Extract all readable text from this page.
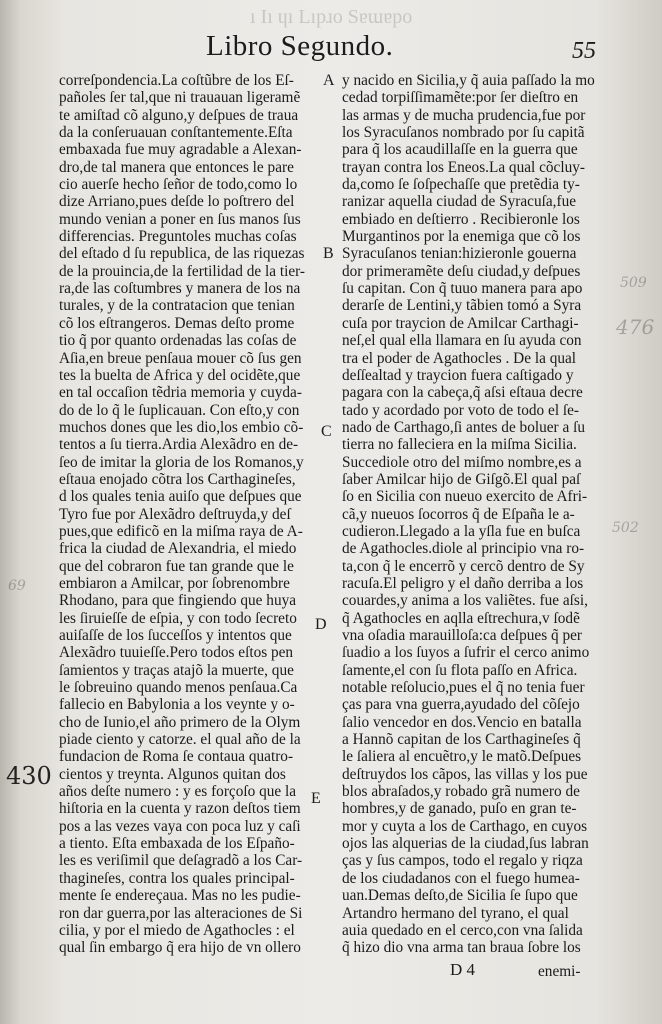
ı Iı ɥı Lıpɹo Sɐɯɐpo
Libro Segundo.	55
correſpondencia.La coſtũbre de los Eſ-
pañoles ſer tal,que ni trauauan ligeramẽ
te amiſtad cõ alguno,y deſpues de traua
da la conſeruauan conſtantemente.Eſta
embaxada fue muy agradable a Alexan-
dro,de tal manera que entonces le pare
cio auerſe hecho ſeñor de todo,como lo
dize Arriano,pues deſde lo poſtrero del
mundo venian a poner en ſus manos ſus
differencias. Preguntoles muchas coſas
del eſtado d ſu republica, de las riquezas
de la prouincia,de la fertilidad de la tier-
ra,de las coſtumbres y manera de los na
turales, y de la contratacion que tenian
cõ los eſtrangeros. Demas deſto prome
tio q̃ por quanto ordenadas las coſas de
Aſia,en breue penſaua mouer cõ ſus gen
tes la buelta de Africa y del ocidẽte,que
en tal occaſion tẽdria memoria y cuyda-
do de lo q̃ le ſuplicauan. Con eſto,y con
muchos dones que les dio,los embio cõ-
tentos a ſu tierra.Ardia Alexãdro en de-
ſeo de imitar la gloria de los Romanos,y
eſtaua enojado cõtra los Carthagineſes,
d los quales tenia auiſo que deſpues que
Tyro fue por Alexãdro deſtruyda,y deſ
pues,que edificõ en la miſma raya de A-
frica la ciudad de Alexandria, el miedo
que del cobraron fue tan grande que le
embiaron a Amilcar, por ſobrenombre
Rhodano, para que fingiendo que huya
les ſiruieſſe de eſpia, y con todo ſecreto
auiſaſſe de los ſucceſſos y intentos que
Alexãdro tuuieſſe.Pero todos eſtos pen
ſamientos y traças atajõ la muerte, que
le ſobreuino quando menos penſaua.Ca
fallecio en Babylonia a los veynte y o-
cho de Iunio,el año primero de la Olym
piade ciento y catorze. el qual año de la
fundacion de Roma ſe contaua quatro-
cientos y treynta. Algunos quitan dos
años deſte numero : y es forçoſo que la
hiſtoria en la cuenta y razon deſtos tiem
pos a las vezes vaya con poca luz y caſi
a tiento. Eſta embaxada de los Eſpaño-
les es veriſimil que deſagradõ a los Car-
thagineſes, contra los quales principal-
mente ſe endereçaua. Mas no les pudie-
ron dar guerra,por las alteraciones de Si
cilia, y por el miedo de Agathocles : el
qual ſin embargo q̃ era hijo de vn ollero
y nacido en Sicilia,y q̃ auia paſſado la mo
cedad torpiſſimamẽte:por ſer dieſtro en
las armas y de mucha prudencia,fue por
los Syracuſanos nombrado por ſu capitã
para q̃ los acaudillaſſe en la guerra que
trayan contra los Eneos.La qual cõcluy-
da,como ſe ſoſpechaſſe que pretẽdia ty-
ranizar aquella ciudad de Syracuſa,fue
embiado en deſtierro . Recibieronle los
Murgantinos por la enemiga que cõ los
Syracuſanos tenian:hizieronle gouerna
dor primeramẽte deſu ciudad,y deſpues
ſu capitan. Con q̃ tuuo manera para apo
derarſe de Lentini,y tãbien tomó a Syra
cuſa por traycion de Amilcar Carthagi-
neſ,el qual ella llamara en ſu ayuda con
tra el poder de Agathocles . De la qual
deſſealtad y traycion fuera caſtigado y
pagara con la cabeça,q̃ aſsi eſtaua decre
tado y acordado por voto de todo el ſe-
nado de Carthago,ſi antes de boluer a ſu
tierra no falleciera en la miſma Sicilia.
Succediole otro del miſmo nombre,es a
ſaber Amilcar hijo de Giſgõ.El qual paſ
ſo en Sicilia con nueuo exercito de Afri-
cã,y nueuos ſocorros q̃ de Eſpaña le a-
cudieron.Llegado a la yſla fue en buſca
de Agathocles.diole al principio vna ro-
ta,con q̃ le encerrõ y cercõ dentro de Sy
racuſa.El peligro y el daño derriba a los
couardes,y anima a los valiẽtes. fue aſsi,
q̃ Agathocles en aqlla eſtrechura,v ſodẽ
vna oſadia marauilloſa:ca deſpues q̃ per
ſuadio a los ſuyos a ſufrir el cerco animo
ſamente,el con ſu flota paſſo en Africa.
notable reſolucio,pues el q̃ no tenia fuer
ças para vna guerra,ayudado del cõſejo
ſalio vencedor en dos.Vencio en batalla
a Hannõ capitan de los Carthagineſes q̃
le ſaliera al encuẽtro,y le matõ.Deſpues
deſtruydos los cãpos, las villas y los pue
blos abraſados,y robado grã numero de
hombres,y de ganado, puſo en gran te-
mor y cuyta a los de Carthago, en cuyos
ojos las alquerias de la ciudad,ſus labran
ças y ſus campos, todo el regalo y riqza
de los ciudadanos con el fuego humea-
uan.Demas deſto,de Sicilia ſe ſupo que
Artandro hermano del tyrano, el qual
auia quedado en el cerco,con vna ſalida
q̃ hizo dio vna arma tan braua ſobre los
A
B
C
D
E
430
476
509
502
69
D 4	enemi-
